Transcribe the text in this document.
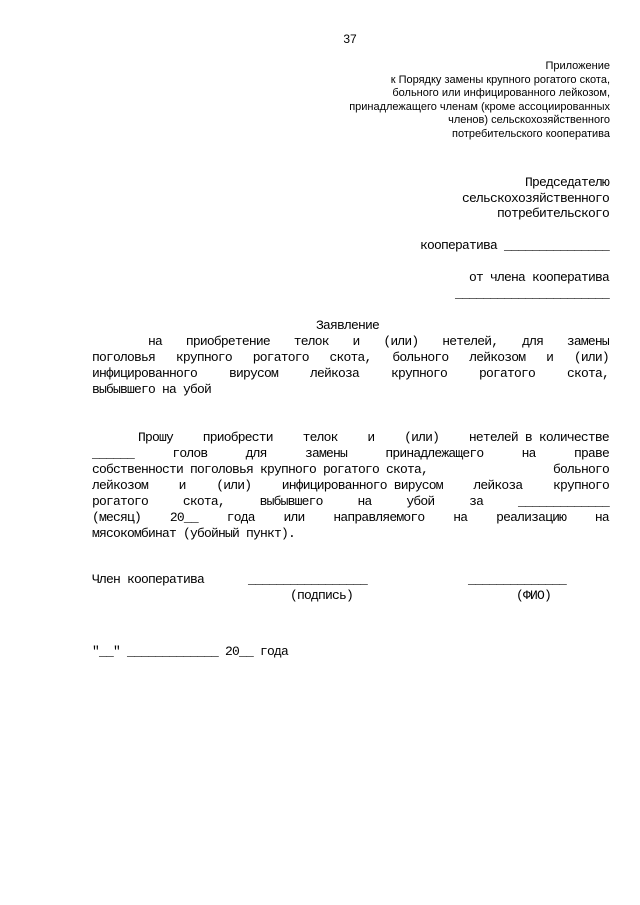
37
Приложение
к Порядку замены крупного рогатого скота,
больного или инфицированного лейкозом,
принадлежащего членам (кроме ассоциированных
членов) сельскохозяйственного
потребительского кооператива
Председателю
сельскохозяйственного
потребительского
кооператива _______________
от члена кооператива
______________________
Заявление
на приобретение телок и (или) нетелей, для замены
поголовья крупного рогатого скота, больного лейкозом и (или)
инфицированного вирусом лейкоза крупного рогатого скота,
выбывшего на убой
Прошу приобрести телок и (или) нетелей в количестве
______	голов	для	замены	принадлежащего	на	праве
собственности поголовья крупного рогатого скота,	больного
лейкозом и (или) инфицированного вирусом лейкоза крупного
рогатого	скота,	выбывшего	на	убой	за	_____________
(месяц) 20__ года или направляемого на реализацию на
мясокомбинат (убойный пункт).
Член кооператива	_________________	______________
(подпись)	(ФИО)
"__" _____________ 20__ года
